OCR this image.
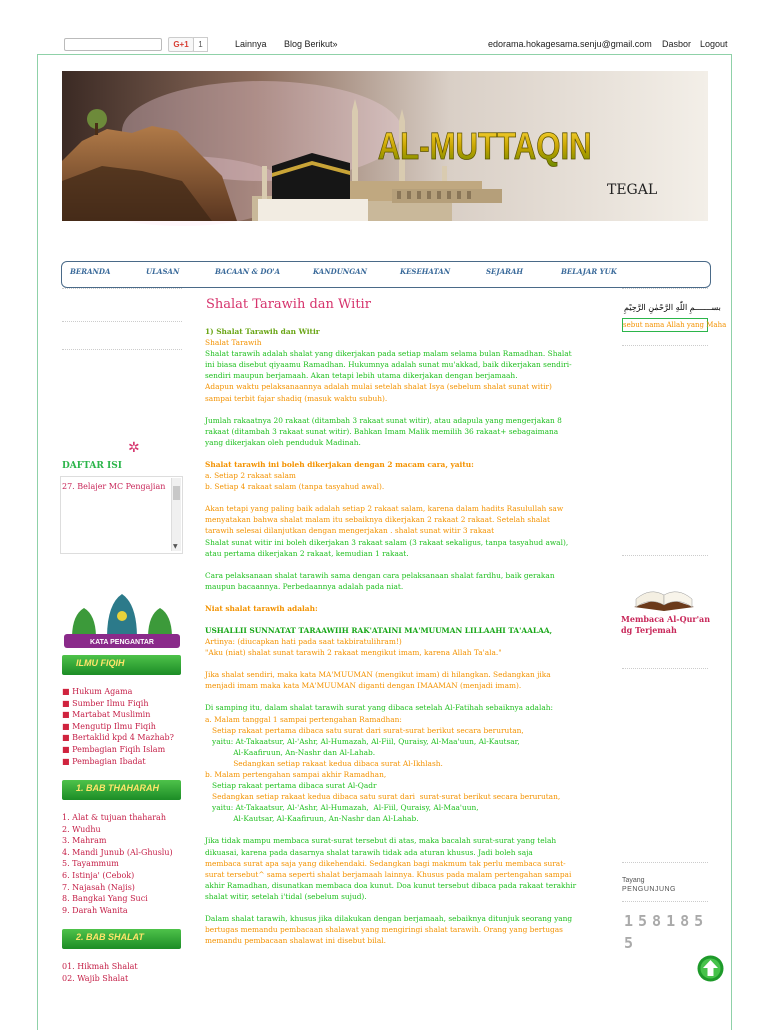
G+1	1	Lainnya Blog Berikut»	edorama.hokagesama.senju@gmail.com Dasbor Logout
AL-MUTTAQIN
TEGAL
BERANDA	ULASAN	BACAAN & DO'A	KANDUNGAN	KESEHATAN	SEJARAH	BELAJAR YUK
✲
DAFTAR ISI
27. Belajer MC Pengajian
▼
KATA PENGANTAR
ILMU FIQIH
■ Hukum Agama
■ Sumber Ilmu Fiqih
■ Martabat Muslimin
■ Mengutip Ilmu Fiqih
■ Bertaklid kpd 4 Mazhab?
■ Pembagian Fiqih Islam
■ Pembagian Ibadat
1. BAB THAHARAH
1. Alat & tujuan thaharah
2. Wudhu
3. Mahram
4. Mandi Junub (Al-Ghuslu)
5. Tayammum
6. Istinja' (Cebok)
7. Najasah (Najis)
8. Bangkai Yang Suci
9. Darah Wanita
2. BAB SHALAT
01. Hikmah Shalat
02. Wajib Shalat
Shalat Tarawih dan Witir

1) Shalat Tarawih dan Witir

Shalat Tarawih

Shalat tarawih adalah shalat yang dikerjakan pada setiap malam selama bulan Ramadhan. Shalat

ini biasa disebut qiyaamu Ramadhan. Hukumnya adalah sunat mu'akkad, baik dikerjakan sendiri-

sendiri maupun berjamaah. Akan tetapi lebih utama dikerjakan dengan berjamaah.

Adapun waktu pelaksanaannya adalah mulai setelah shalat Isya (sebelum shalat sunat witir)

sampai terbit fajar shadiq (masuk waktu subuh).

Jumlah rakaatnya 20 rakaat (ditambah 3 rakaat sunat witir), atau adapula yang mengerjakan 8

rakaat (ditambah 3 rakaat sunat witir). Bahkan Imam Malik memilih 36 rakaat+ sebagaimana

yang dikerjakan oleh penduduk Madinah.

Shalat tarawih ini boleh dikerjakan dengan 2 macam cara, yaitu:

a. Setiap 2 rakaat salam

b. Setiap 4 rakaat salam (tanpa tasyahud awal).

Akan tetapi yang paling baik adalah setiap 2 rakaat salam, karena dalam hadits Rasulullah saw

menyatakan bahwa shalat malam itu sebaiknya dikerjakan 2 rakaat 2 rakaat. Setelah shalat

tarawih selesai dilanjutkan dengan mengerjakan . shalat sunat witir 3 rakaat

Shalat sunat witir ini boleh dikerjakan 3 rakaat salam (3 rakaat sekaligus, tanpa tasyahud awal),

atau pertama dikerjakan 2 rakaat, kemudian 1 rakaat.

Cara pelaksanaan shalat tarawih sama dengan cara pelaksanaan shalat fardhu, baik gerakan

maupun bacaannya. Perbedaannya adalah pada niat.

Niat shalat tarawih adalah:

USHALLII SUNNATAT TARAAWIIH RAK'ATAINI MA'MUUMAN LILLAAHI TA'AALAA,

Artinya: (diucapkan hati pada saat takbiratulihram!)

"Aku (niat) shalat sunat tarawih 2 rakaat mengikut imam, karena Allah Ta'ala."

Jika shalat sendiri, maka kata MA'MUUMAN (mengikut imam) di hilangkan. Sedangkan jika

menjadi imam maka kata MA'MUUMAN diganti dengan IMAAMAN (menjadi imam).

Di samping itu, dalam shalat tarawih surat yang dibaca setelah Al-Fatihah sebaiknya adalah:

a. Malam tanggal 1 sampai pertengahan Ramadhan:

Setiap rakaat pertama dibaca satu surat dari surat-surat berikut secara berurutan,

yaitu: At-Takaatsur, Al-'Ashr, Al-Humazah, Al-Fiil, Quraisy, Al-Maa'uun, Al-Kautsar,

Al-Kaafiruun, An-Nashr dan Al-Lahab.

Sedangkan setiap rakaat kedua dibaca surat Al-Ikhlash.

b. Malam pertengahan sampai akhir Ramadhan,

Setiap rakaat pertama dibaca surat Al-Qadr

Sedangkan setiap rakaat kedua dibaca satu surat dari  surat-surat berikut secara berurutan,

yaitu: At-Takaatsur, Al-'Ashr, Al-Humazah,  Al-Fiil, Quraisy, Al-Maa'uun,

Al-Kautsar, Al-Kaafiruun, An-Nashr dan Al-Lahab.

Jika tidak mampu membaca surat-surat tersebut di atas, maka bacalah surat-surat yang telah

dikuasai, karena pada dasarnya shalat tarawih tidak ada aturan khusus. Jadi boleh saja

membaca surat apa saja yang dikehendaki. Sedangkan bagi makmum tak perlu membaca surat-

surat tersebut^ sama seperti shalat berjamaah lainnya. Khusus pada malam pertengahan sampai

akhir Ramadhan, disunatkan membaca doa kunut. Doa kunut tersebut dibaca pada rakaat terakhir

shalat witir, setelah i'tidal (sebelum sujud).

Dalam shalat tarawih, khusus jika dilakukan dengan berjamaah, sebaiknya ditunjuk seorang yang

bertugas memandu pembacaan shalawat yang mengiringi shalat tarawih. Orang yang bertugas

memandu pembacaan shalawat ini disebut bilal.

بســـــــمِ اللّٰهِ الرَّحْمٰنِ الرَّحِيْمِ
sebut nama Allah yang Maha
Membaca Al-Qur'an dg Terjemah
Tayang
PENGUNJUNG
158185 5
